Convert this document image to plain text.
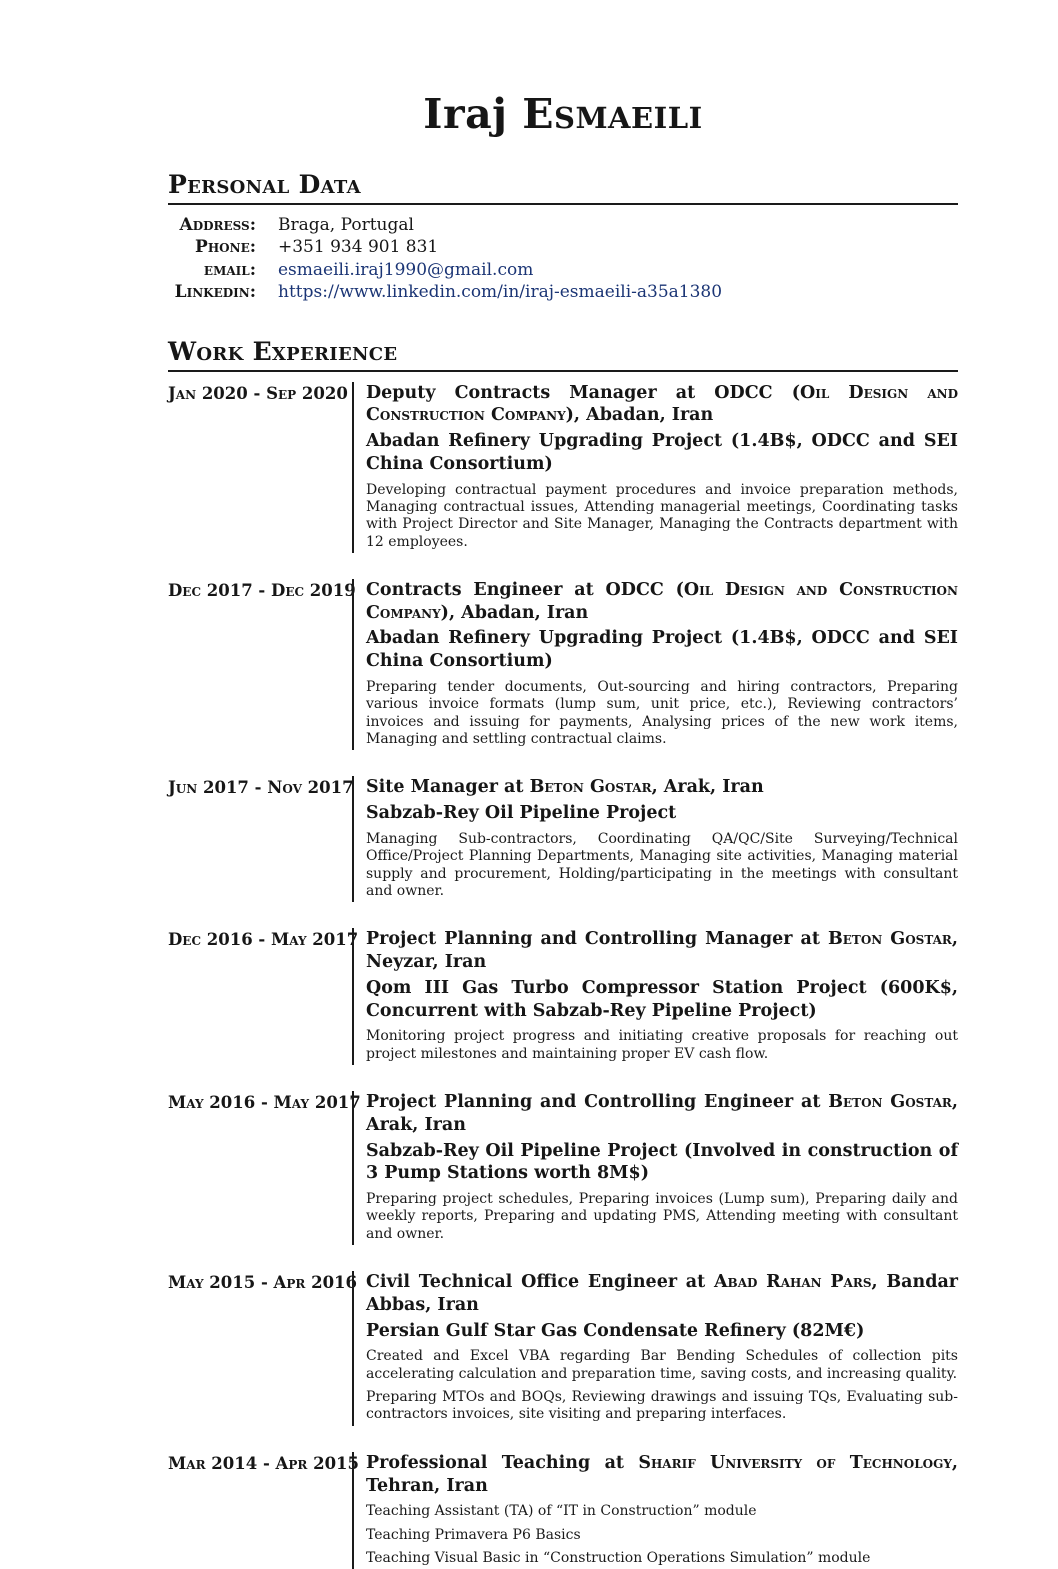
Iraj Esmaeili
Personal Data
Address: Braga, Portugal
Phone: +351 934 901 831
email: esmaeili.iraj1990@gmail.com
Linkedin: https://www.linkedin.com/in/iraj-esmaeili-a35a1380
Work Experience
Jan 2020 - Sep 2020 Deputy Contracts Manager at ODCC (Oil Design and Construction Company), Abadan, Iran
Abadan Refinery Upgrading Project (1.4B$, ODCC and SEI China Consortium)

Developing contractual payment procedures and invoice preparation methods, Managing contractual issues, Attending managerial meetings, Coordinating tasks with Project Director and Site Manager, Managing the Contracts department with 12 employees.

Dec 2017 - Dec 2019 Contracts Engineer at ODCC (Oil Design and Construction Company), Abadan, Iran
Abadan Refinery Upgrading Project (1.4B$, ODCC and SEI China Consortium)

Preparing tender documents, Out-sourcing and hiring contractors, Preparing various invoice formats (lump sum, unit price, etc.), Reviewing contractors’ invoices and issuing for payments, Analysing prices of the new work items, Managing and settling contractual claims.

Jun 2017 - Nov 2017 Site Manager at Beton Gostar, Arak, Iran
Sabzab-Rey Oil Pipeline Project

Managing Sub-contractors, Coordinating QA/QC/Site Surveying/Technical Office/Project Planning Departments, Managing site activities, Managing material supply and procurement, Holding/participating in the meetings with consultant and owner.

Dec 2016 - May 2017 Project Planning and Controlling Manager at Beton Gostar, Neyzar, Iran
Qom III Gas Turbo Compressor Station Project (600K$, Concurrent with Sabzab-Rey Pipeline Project)

Monitoring project progress and initiating creative proposals for reaching out project milestones and maintaining proper EV cash flow.

May 2016 - May 2017 Project Planning and Controlling Engineer at Beton Gostar, Arak, Iran
Sabzab-Rey Oil Pipeline Project (Involved in construction of 3 Pump Stations worth 8M$)

Preparing project schedules, Preparing invoices (Lump sum), Preparing daily and weekly reports, Preparing and updating PMS, Attending meeting with consultant and owner.

May 2015 - Apr 2016 Civil Technical Office Engineer at Abad Rahan Pars, Bandar Abbas, Iran
Persian Gulf Star Gas Condensate Refinery (82M€)

Created and Excel VBA regarding Bar Bending Schedules of collection pits accelerating calculation and preparation time, saving costs, and increasing quality.

Preparing MTOs and BOQs, Reviewing drawings and issuing TQs, Evaluating sub-contractors invoices, site visiting and preparing interfaces.

Mar 2014 - Apr 2015 Professional Teaching at Sharif University of Technology, Tehran, Iran

Teaching Assistant (TA) of “IT in Construction” module

Teaching Primavera P6 Basics

Teaching Visual Basic in “Construction Operations Simulation” module
